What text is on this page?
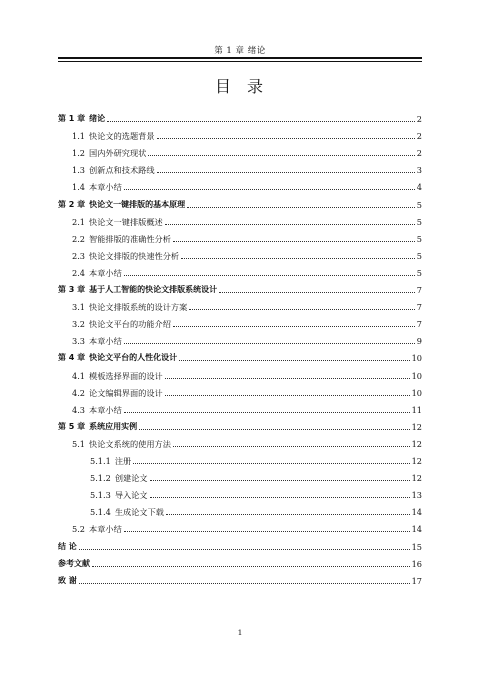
第 1 章 绪论
目 录
第 1 章 绪论	2
1.1 快论文的选题背景	2
1.2 国内外研究现状	2
1.3 创新点和技术路线	3
1.4 本章小结	4
第 2 章 快论文一键排版的基本原理	5
2.1 快论文一键排版概述	5
2.2 智能排版的准确性分析	5
2.3 快论文排版的快速性分析	5
2.4 本章小结	5
第 3 章 基于人工智能的快论文排版系统设计	7
3.1 快论文排版系统的设计方案	7
3.2 快论文平台的功能介绍	7
3.3 本章小结	9
第 4 章 快论文平台的人性化设计	10
4.1 模板选择界面的设计	10
4.2 论文编辑界面的设计	10
4.3 本章小结	11
第 5 章 系统应用实例	12
5.1 快论文系统的使用方法	12
5.1.1 注册	12
5.1.2 创建论文	12
5.1.3 导入论文	13
5.1.4 生成论文下载	14
5.2 本章小结	14
结 论	15
参考文献	16
致 谢	17
1
